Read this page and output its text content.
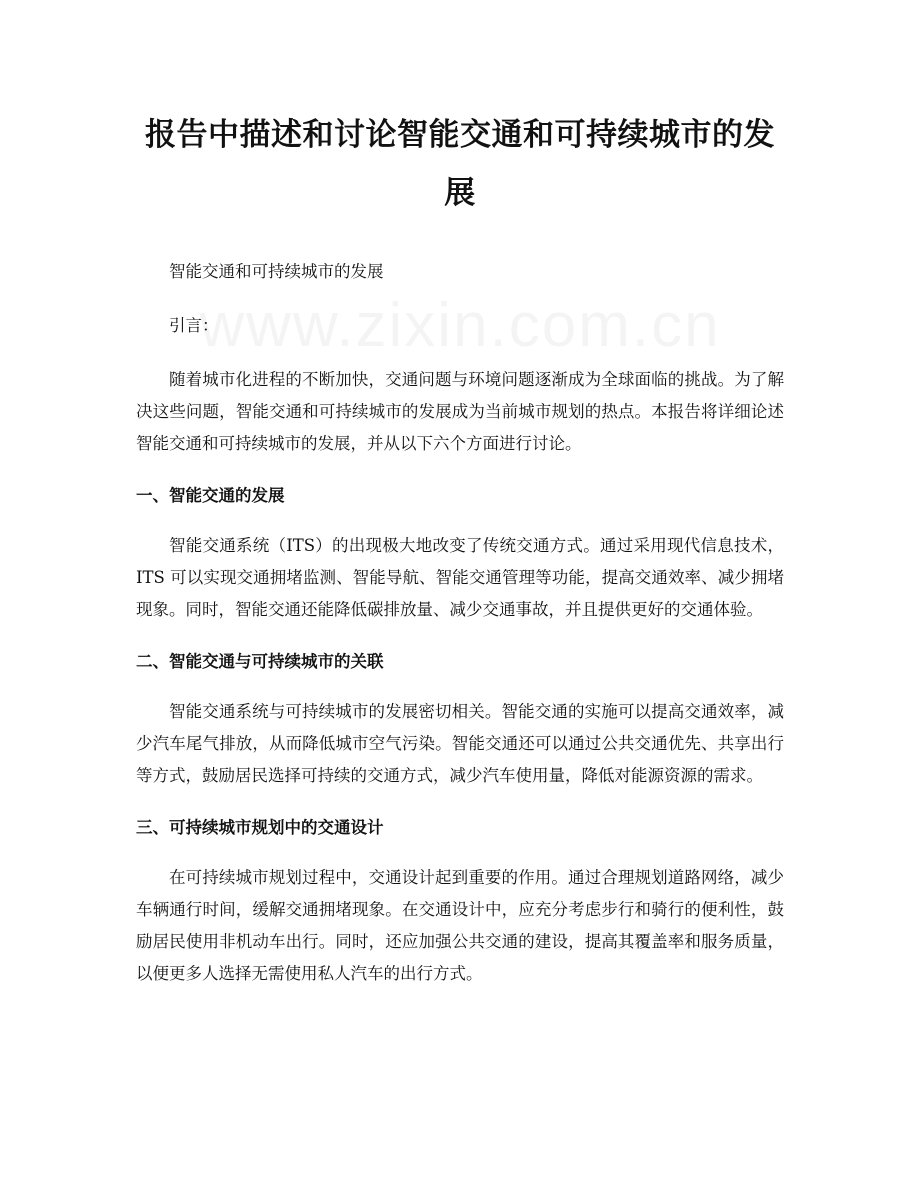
报告中描述和讨论智能交通和可持续城市的发展

智能交通和可持续城市的发展

引言：

随着城市化进程的不断加快，交通问题与环境问题逐渐成为全球面临的挑战。为了解决这些问题，智能交通和可持续城市的发展成为当前城市规划的热点。本报告将详细论述智能交通和可持续城市的发展，并从以下六个方面进行讨论。

一、智能交通的发展

智能交通系统（ITS）的出现极大地改变了传统交通方式。通过采用现代信息技术，ITS 可以实现交通拥堵监测、智能导航、智能交通管理等功能，提高交通效率、减少拥堵现象。同时，智能交通还能降低碳排放量、减少交通事故，并且提供更好的交通体验。

二、智能交通与可持续城市的关联

智能交通系统与可持续城市的发展密切相关。智能交通的实施可以提高交通效率，减少汽车尾气排放，从而降低城市空气污染。智能交通还可以通过公共交通优先、共享出行等方式，鼓励居民选择可持续的交通方式，减少汽车使用量，降低对能源资源的需求。

三、可持续城市规划中的交通设计

在可持续城市规划过程中，交通设计起到重要的作用。通过合理规划道路网络，减少车辆通行时间，缓解交通拥堵现象。在交通设计中，应充分考虑步行和骑行的便利性，鼓励居民使用非机动车出行。同时，还应加强公共交通的建设，提高其覆盖率和服务质量，以便更多人选择无需使用私人汽车的出行方式。
